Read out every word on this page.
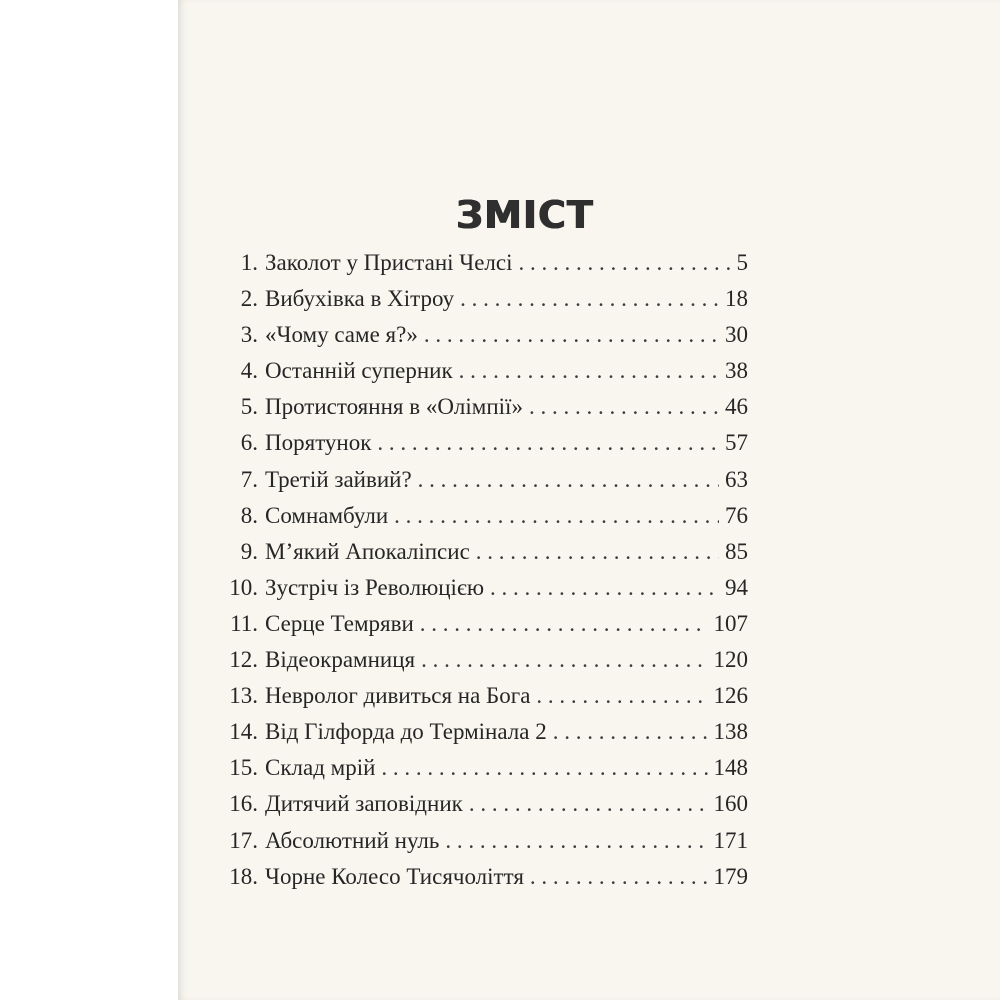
ЗМІСТ
1. Заколот у Пристані Челсі . . .	5
2. Вибухівка в Хітроу . . .	18
3. «Чому саме я?» . . .	30
4. Останній суперник . . .	38
5. Протистояння в «Олімпії» . . .	46
6. Порятунок . . .	57
7. Третій зайвий? . . .	63
8. Сомнамбули . . .	76
9. М’який Апокаліпсис . . .	85
10. Зустріч із Революцією . . .	94
11. Серце Темряви . . .	107
12. Відеокрамниця . . .	120
13. Невролог дивиться на Бога . . .	126
14. Від Гілфорда до Термінала 2 . . .	138
15. Склад мрій . . .	148
16. Дитячий заповідник . . .	160
17. Абсолютний нуль . . .	171
18. Чорне Колесо Тисячоліття . . .	179
